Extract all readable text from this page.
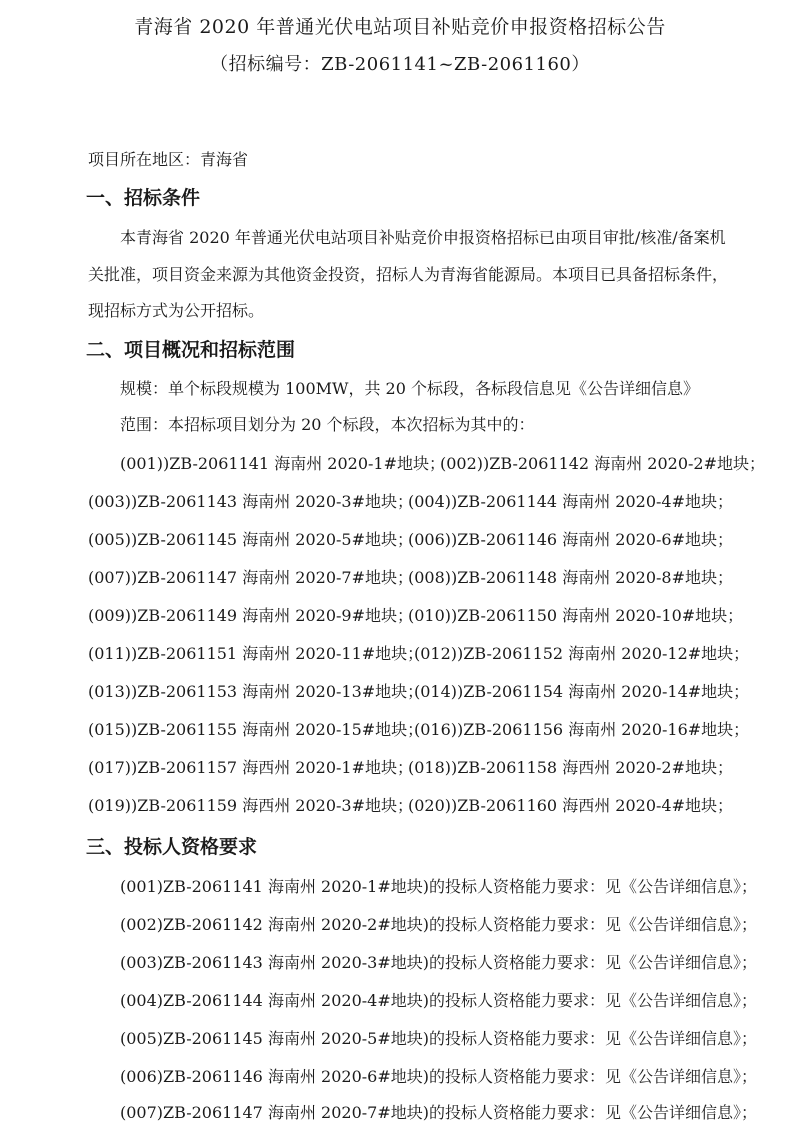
青海省 2020 年普通光伏电站项目补贴竞价申报资格招标公告
（招标编号：ZB-2061141~ZB-2061160）
项目所在地区：青海省
一、招标条件
本青海省 2020 年普通光伏电站项目补贴竞价申报资格招标已由项目审批/核准/备案机
关批准，项目资金来源为其他资金投资，招标人为青海省能源局。本项目已具备招标条件，
现招标方式为公开招标。
二、项目概况和招标范围
规模：单个标段规模为 100MW，共 20 个标段，各标段信息见《公告详细信息》
范围：本招标项目划分为 20 个标段，本次招标为其中的：
(001))ZB-2061141 海南州 2020-1#地块；
(002))ZB-2061142 海南州 2020-2#地块；
(003))ZB-2061143 海南州 2020-3#地块；
(004))ZB-2061144 海南州 2020-4#地块；
(005))ZB-2061145 海南州 2020-5#地块；
(006))ZB-2061146 海南州 2020-6#地块；
(007))ZB-2061147 海南州 2020-7#地块；
(008))ZB-2061148 海南州 2020-8#地块；
(009))ZB-2061149 海南州 2020-9#地块；
(010))ZB-2061150 海南州 2020-10#地块；
(011))ZB-2061151 海南州 2020-11#地块；
(012))ZB-2061152 海南州 2020-12#地块；
(013))ZB-2061153 海南州 2020-13#地块；
(014))ZB-2061154 海南州 2020-14#地块；
(015))ZB-2061155 海南州 2020-15#地块；
(016))ZB-2061156 海南州 2020-16#地块；
(017))ZB-2061157 海西州 2020-1#地块；
(018))ZB-2061158 海西州 2020-2#地块；
(019))ZB-2061159 海西州 2020-3#地块；
(020))ZB-2061160 海西州 2020-4#地块；
三、投标人资格要求
(001)ZB-2061141 海南州 2020-1#地块)的投标人资格能力要求：见《公告详细信息》；
(002)ZB-2061142 海南州 2020-2#地块)的投标人资格能力要求：见《公告详细信息》；
(003)ZB-2061143 海南州 2020-3#地块)的投标人资格能力要求：见《公告详细信息》；
(004)ZB-2061144 海南州 2020-4#地块)的投标人资格能力要求：见《公告详细信息》；
(005)ZB-2061145 海南州 2020-5#地块)的投标人资格能力要求：见《公告详细信息》；
(006)ZB-2061146 海南州 2020-6#地块)的投标人资格能力要求：见《公告详细信息》；
(007)ZB-2061147 海南州 2020-7#地块)的投标人资格能力要求：见《公告详细信息》；
